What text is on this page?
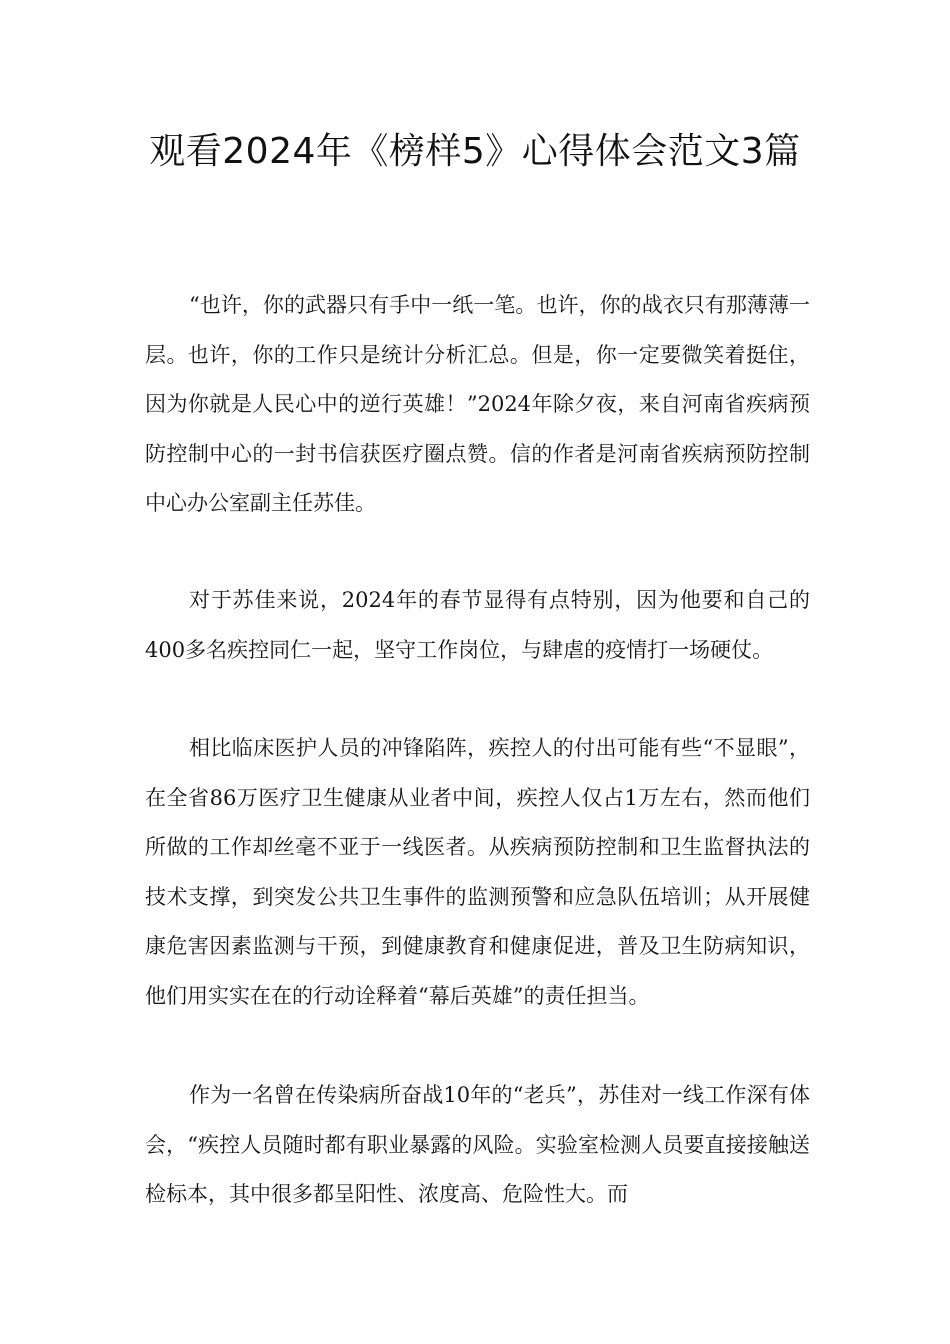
观看2024年《榜样5》心得体会范文3篇

“也许，你的武器只有手中一纸一笔。也许，你的战衣只有那薄薄一层。也许，你的工作只是统计分析汇总。但是，你一定要微笑着挺住，因为你就是人民心中的逆行英雄！”2024年除夕夜，来自河南省疾病预防控制中心的一封书信获医疗圈点赞。信的作者是河南省疾病预防控制中心办公室副主任苏佳。

对于苏佳来说，2024年的春节显得有点特别，因为他要和自己的400多名疾控同仁一起，坚守工作岗位，与肆虐的疫情打一场硬仗。

相比临床医护人员的冲锋陷阵，疾控人的付出可能有些“不显眼”，在全省86万医疗卫生健康从业者中间，疾控人仅占1万左右，然而他们所做的工作却丝毫不亚于一线医者。从疾病预防控制和卫生监督执法的技术支撑，到突发公共卫生事件的监测预警和应急队伍培训；从开展健康危害因素监测与干预，到健康教育和健康促进，普及卫生防病知识，他们用实实在在的行动诠释着“幕后英雄”的责任担当。

作为一名曾在传染病所奋战10年的“老兵”，苏佳对一线工作深有体会，“疾控人员随时都有职业暴露的风险。实验室检测人员要直接接触送检标本，其中很多都呈阳性、浓度高、危险性大。而
